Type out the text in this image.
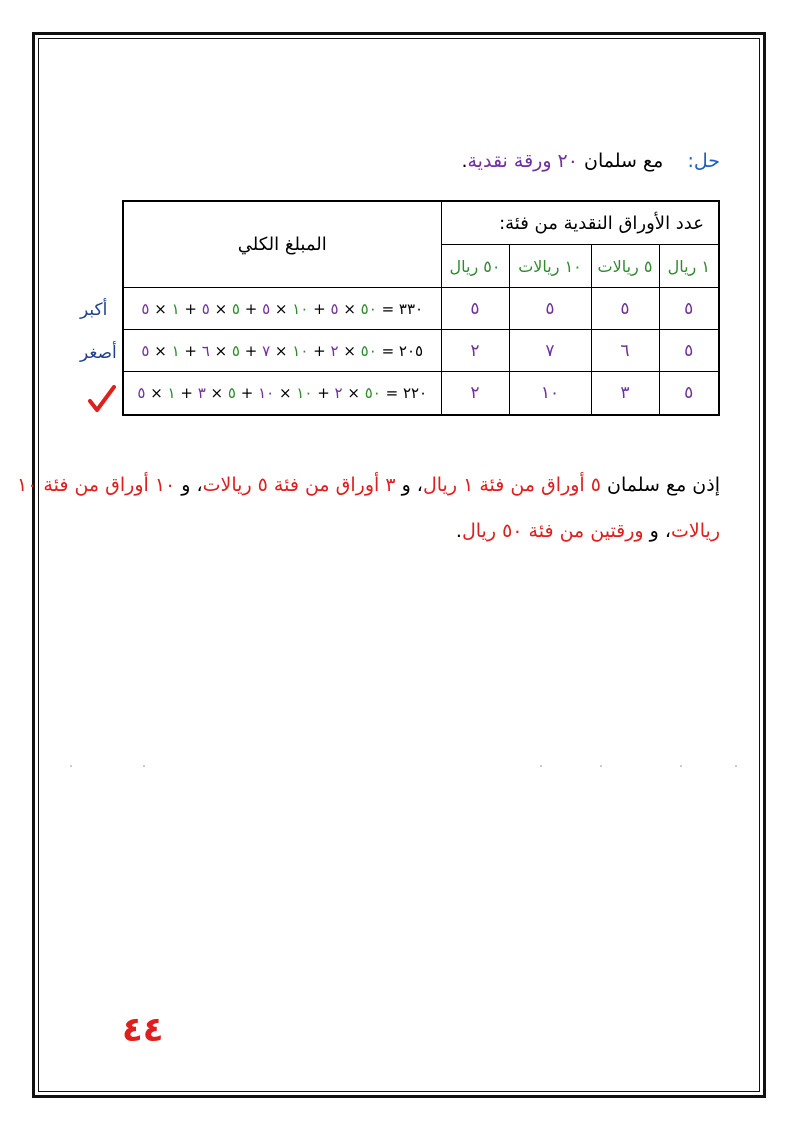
حل:    مع سلمان ٢٠ ورقة نقدية.
المبلغ الكلي	عدد الأوراق النقدية من فئة:			
	٥٠ ريال	١٠ ريالات	٥ ريالات	١ ريال
٣٣٠ = ٥٠ × ٥ + ١٠ × ٥ + ٥ × ٥ + ١ × ٥	٥	٥	٥	٥
٢٠٥ = ٥٠ × ٢ + ١٠ × ٧ + ٥ × ٦ + ١ × ٥	٢	٧	٦	٥
٢٢٠ = ٥٠ × ٢ + ١٠ × ١٠ + ٥ × ٣ + ١ × ٥	٢	١٠	٣	٥
أكبر
أصغر
إذن مع سلمان ٥ أوراق من فئة ١ ريال، و ٣ أوراق من فئة ٥ ريالات، و ١٠ أوراق من فئة ١٠
ريالات، و ورقتين من فئة ٥٠ ريال.
٤٤
